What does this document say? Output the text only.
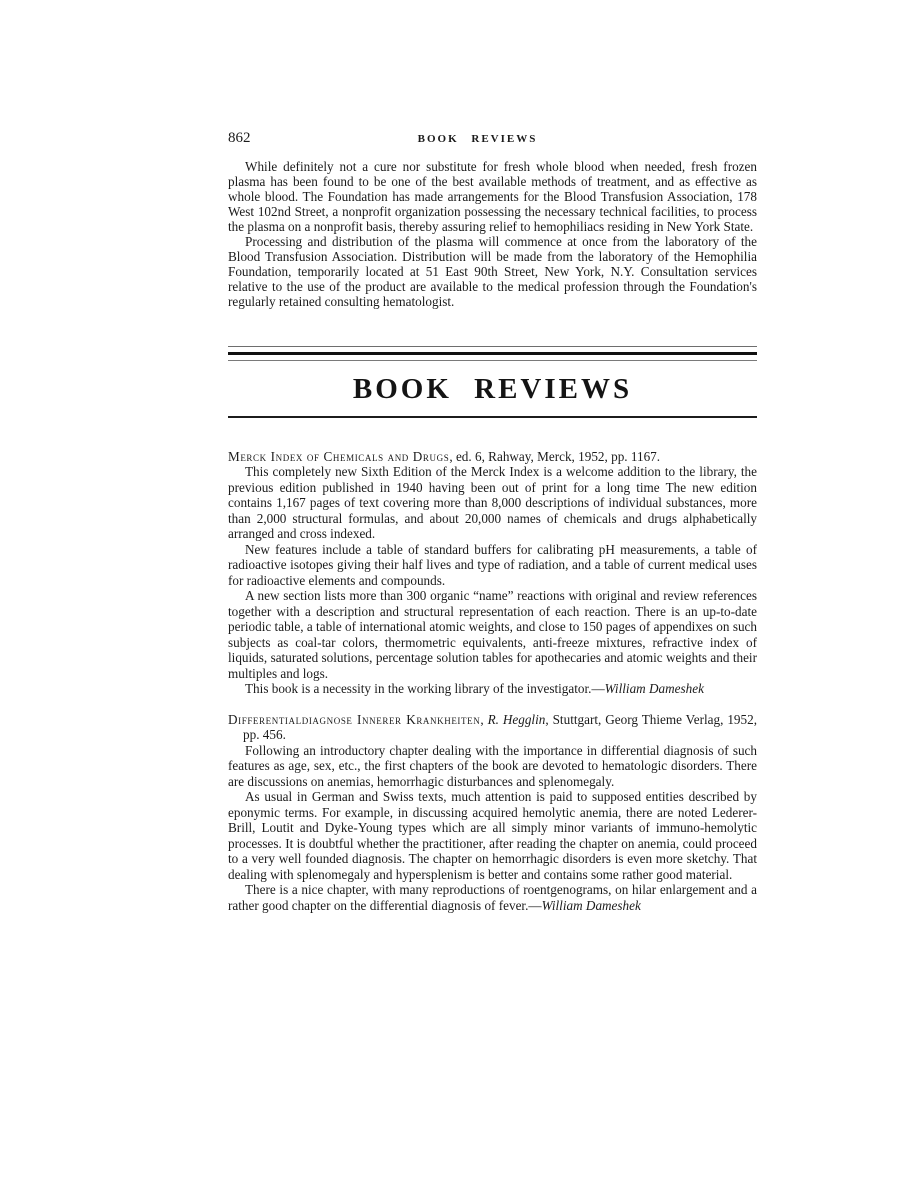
862	BOOK REVIEWS

While definitely not a cure nor substitute for fresh whole blood when needed, fresh frozen plasma has been found to be one of the best available methods of treatment, and as effective as whole blood. The Foundation has made arrangements for the Blood Transfusion Association, 178 West 102nd Street, a nonprofit organization possessing the necessary technical facilities, to process the plasma on a nonprofit basis, thereby assuring relief to hemophiliacs residing in New York State.

Processing and distribution of the plasma will commence at once from the laboratory of the Blood Transfusion Association. Distribution will be made from the laboratory of the Hemophilia Foundation, temporarily located at 51 East 90th Street, New York, N.Y. Consultation services relative to the use of the product are available to the medical profession through the Foundation's regularly retained consulting hematologist.

BOOK REVIEWS

Merck Index of Chemicals and Drugs, ed. 6, Rahway, Merck, 1952, pp. 1167.

This completely new Sixth Edition of the Merck Index is a welcome addition to the library, the previous edition published in 1940 having been out of print for a long time The new edition contains 1,167 pages of text covering more than 8,000 descriptions of individual substances, more than 2,000 structural formulas, and about 20,000 names of chemicals and drugs alphabetically arranged and cross indexed.

New features include a table of standard buffers for calibrating pH measurements, a table of radioactive isotopes giving their half lives and type of radiation, and a table of current medical uses for radioactive elements and compounds.

A new section lists more than 300 organic “name” reactions with original and review references together with a description and structural representation of each reaction. There is an up-to-date periodic table, a table of international atomic weights, and close to 150 pages of appendixes on such subjects as coal-tar colors, thermometric equivalents, anti-freeze mixtures, refractive index of liquids, saturated solutions, percentage solution tables for apothecaries and atomic weights and their multiples and logs.

This book is a necessity in the working library of the investigator.—William Dameshek

Differentialdiagnose Innerer Krankheiten, R. Hegglin, Stuttgart, Georg Thieme Verlag, 1952, pp. 456.

Following an introductory chapter dealing with the importance in differential diagnosis of such features as age, sex, etc., the first chapters of the book are devoted to hematologic disorders. There are discussions on anemias, hemorrhagic disturbances and splenomegaly.

As usual in German and Swiss texts, much attention is paid to supposed entities described by eponymic terms. For example, in discussing acquired hemolytic anemia, there are noted Lederer-Brill, Loutit and Dyke-Young types which are all simply minor variants of immuno-hemolytic processes. It is doubtful whether the practitioner, after reading the chapter on anemia, could proceed to a very well founded diagnosis. The chapter on hemorrhagic disorders is even more sketchy. That dealing with splenomegaly and hypersplenism is better and contains some rather good material.

There is a nice chapter, with many reproductions of roentgenograms, on hilar enlargement and a rather good chapter on the differential diagnosis of fever.—William Dameshek
